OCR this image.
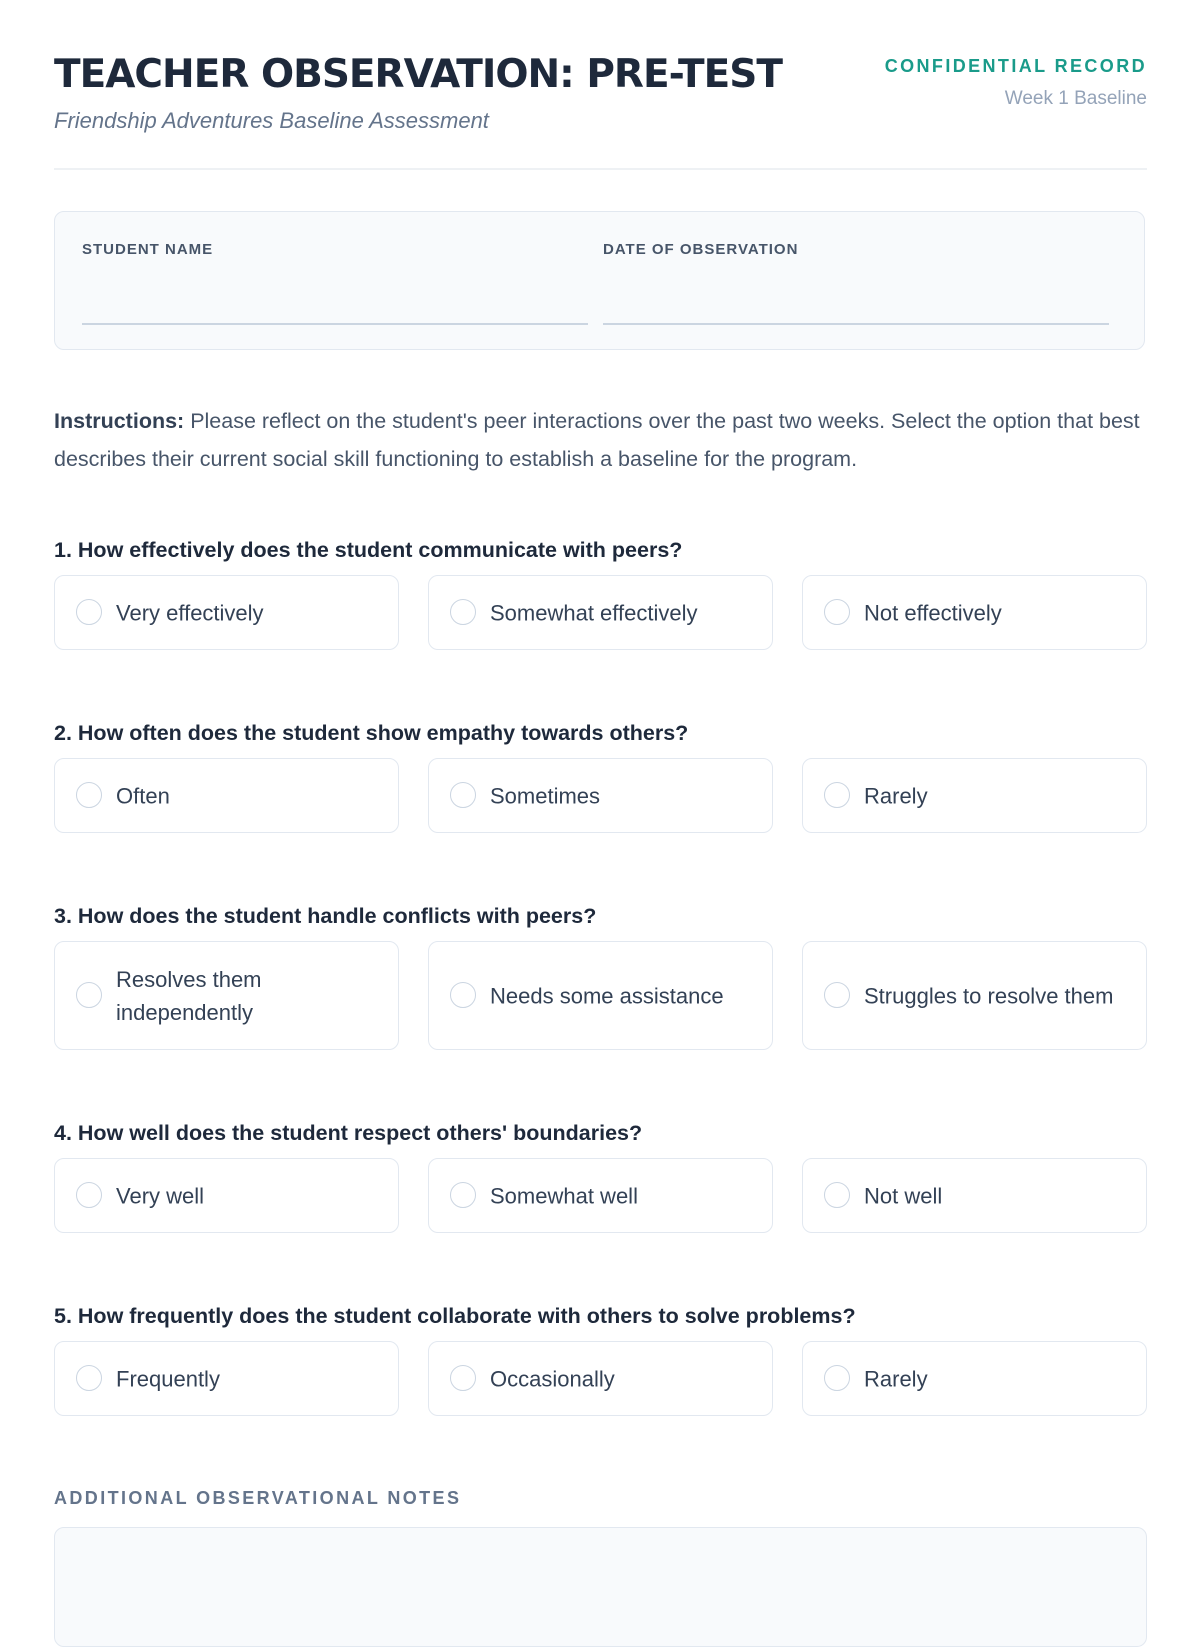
TEACHER OBSERVATION: PRE-TEST
Friendship Adventures Baseline Assessment
CONFIDENTIAL RECORD
Week 1 Baseline
STUDENT NAME	DATE OF OBSERVATION
Instructions: Please reflect on the student's peer interactions over the past two weeks. Select the option that best describes their current social skill functioning to establish a baseline for the program.
1. How effectively does the student communicate with peers?
Very effectively	Somewhat effectively	Not effectively
2. How often does the student show empathy towards others?
Often	Sometimes	Rarely
3. How does the student handle conflicts with peers?
Resolves them independently
Needs some assistance	Struggles to resolve them
4. How well does the student respect others' boundaries?
Very well	Somewhat well	Not well
5. How frequently does the student collaborate with others to solve problems?
Frequently	Occasionally	Rarely
ADDITIONAL OBSERVATIONAL NOTES
